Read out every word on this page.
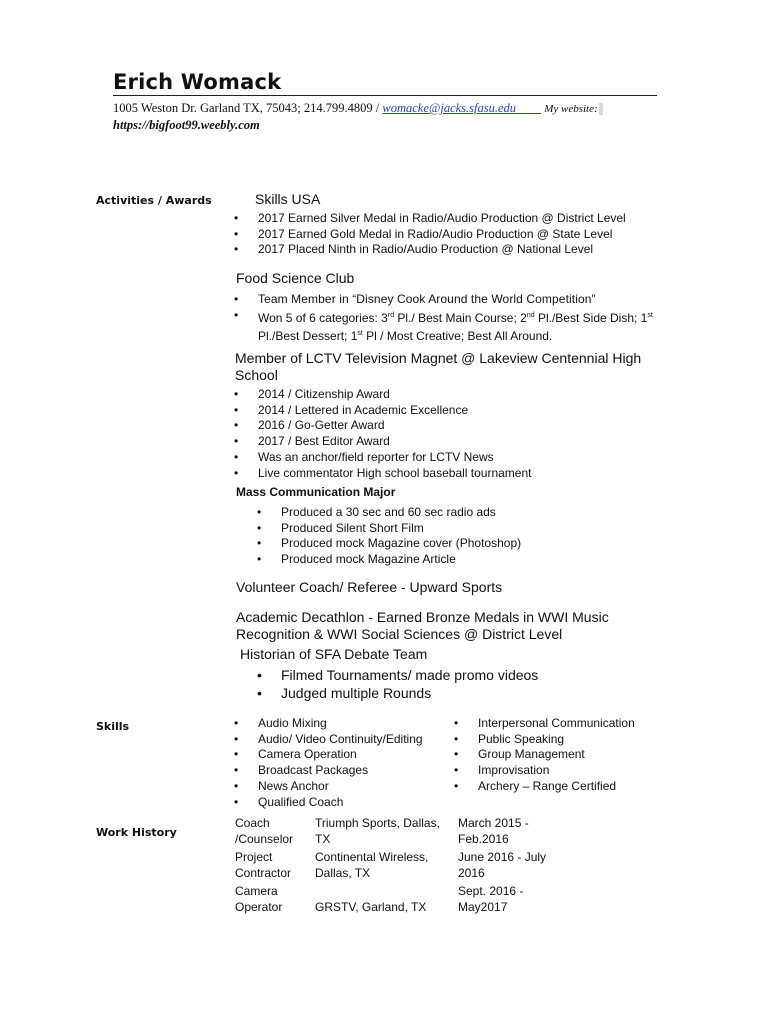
Erich Womack
1005 Weston Dr. Garland TX, 75043; 214.799.4809 / womacke@jacks.sfasu.edu	My website:
https://bigfoot99.weebly.com
Activities / Awards
Skills
Work History
Skills USA
• 2017 Earned Silver Medal in Radio/Audio Production @ District Level
• 2017 Earned Gold Medal in Radio/Audio Production @ State Level
• 2017 Placed Ninth in Radio/Audio Production @ National Level
Food Science Club
• Team Member in “Disney Cook Around the World Competition”
• Won 5 of 6 categories: 3rd Pl./ Best Main Course; 2nd Pl./Best Side Dish; 1st Pl./Best Dessert; 1st Pl / Most Creative; Best All Around.
Member of LCTV Television Magnet @ Lakeview Centennial High School
• 2014 / Citizenship Award
• 2014 / Lettered in Academic Excellence
• 2016 / Go-Getter Award
• 2017 / Best Editor Award
• Was an anchor/field reporter for LCTV News
• Live commentator High school baseball tournament
Mass Communication Major
• Produced a 30 sec and 60 sec radio ads
• Produced Silent Short Film
• Produced mock Magazine cover (Photoshop)
• Produced mock Magazine Article
Volunteer Coach/ Referee - Upward Sports
Academic Decathlon - Earned Bronze Medals in WWI Music Recognition & WWI Social Sciences @ District Level
Historian of SFA Debate Team
• Filmed Tournaments/ made promo videos
• Judged multiple Rounds
• Audio Mixing
• Audio/ Video Continuity/Editing
• Camera Operation
• Broadcast Packages
• News Anchor
• Qualified Coach
• Interpersonal Communication
• Public Speaking
• Group Management
• Improvisation
• Archery – Range Certified
Coach /Counselor
Triumph Sports, Dallas, TX
March 2015 - Feb.2016
Project Contractor
Continental Wireless, Dallas, TX
June 2016 - July 2016
Camera Operator	GRSTV, Garland, TX
Sept. 2016 - May2017
